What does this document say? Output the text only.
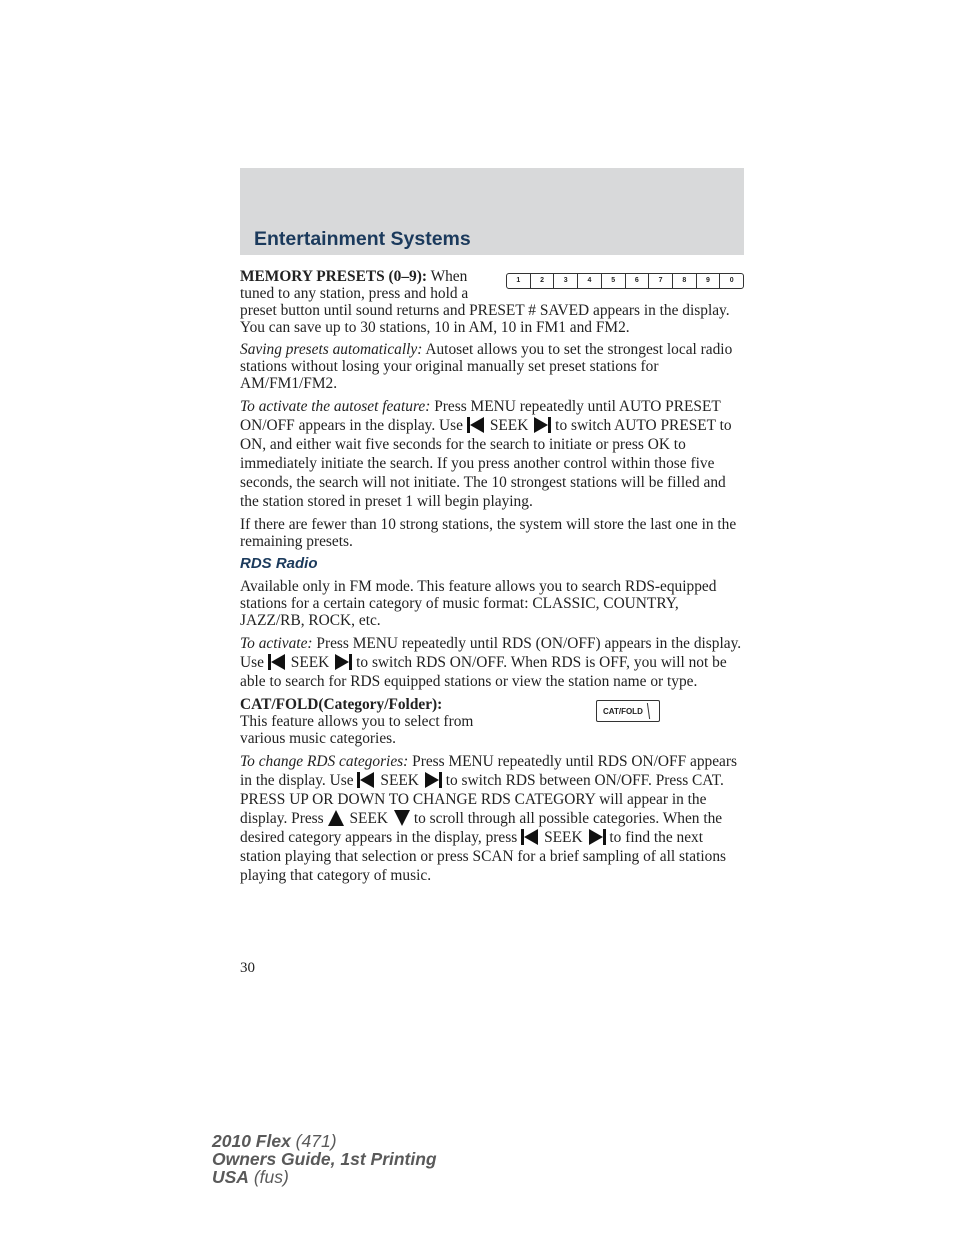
Entertainment Systems
1	2	3	4	5	6	7	8	9	0

MEMORY PRESETS (0–9): When tuned to any station, press and hold a preset button until sound returns and PRESET # SAVED appears in the display. You can save up to 30 stations, 10 in AM, 10 in FM1 and FM2.

Saving presets automatically: Autoset allows you to set the strongest local radio stations without losing your original manually set preset stations for AM/FM1/FM2.

To activate the autoset feature: Press MENU repeatedly until AUTO PRESET ON/OFF appears in the display. Use SEEK to switch AUTO PRESET to ON, and either wait five seconds for the search to initiate or press OK to immediately initiate the search. If you press another control within those five seconds, the search will not initiate. The 10 strongest stations will be filled and the station stored in preset 1 will begin playing.

If there are fewer than 10 strong stations, the system will store the last one in the remaining presets.

RDS Radio

Available only in FM mode. This feature allows you to search RDS-equipped stations for a certain category of music format: CLASSIC, COUNTRY, JAZZ/RB, ROCK, etc.

To activate: Press MENU repeatedly until RDS (ON/OFF) appears in the display. Use SEEK to switch RDS ON/OFF. When RDS is OFF, you will not be able to search for RDS equipped stations or view the station name or type.

CAT/FOLD

CAT/FOLD(Category/Folder):
This feature allows you to select from various music categories.

To change RDS categories: Press MENU repeatedly until RDS ON/OFF appears in the display. Use SEEK to switch RDS between ON/OFF. Press CAT. PRESS UP OR DOWN TO CHANGE RDS CATEGORY will appear in the display. Press SEEK to scroll through all possible categories. When the desired category appears in the display, press SEEK to find the next station playing that selection or press SCAN for a brief sampling of all stations playing that category of music.

30
2010 Flex (471)
Owners Guide, 1st Printing
USA (fus)
